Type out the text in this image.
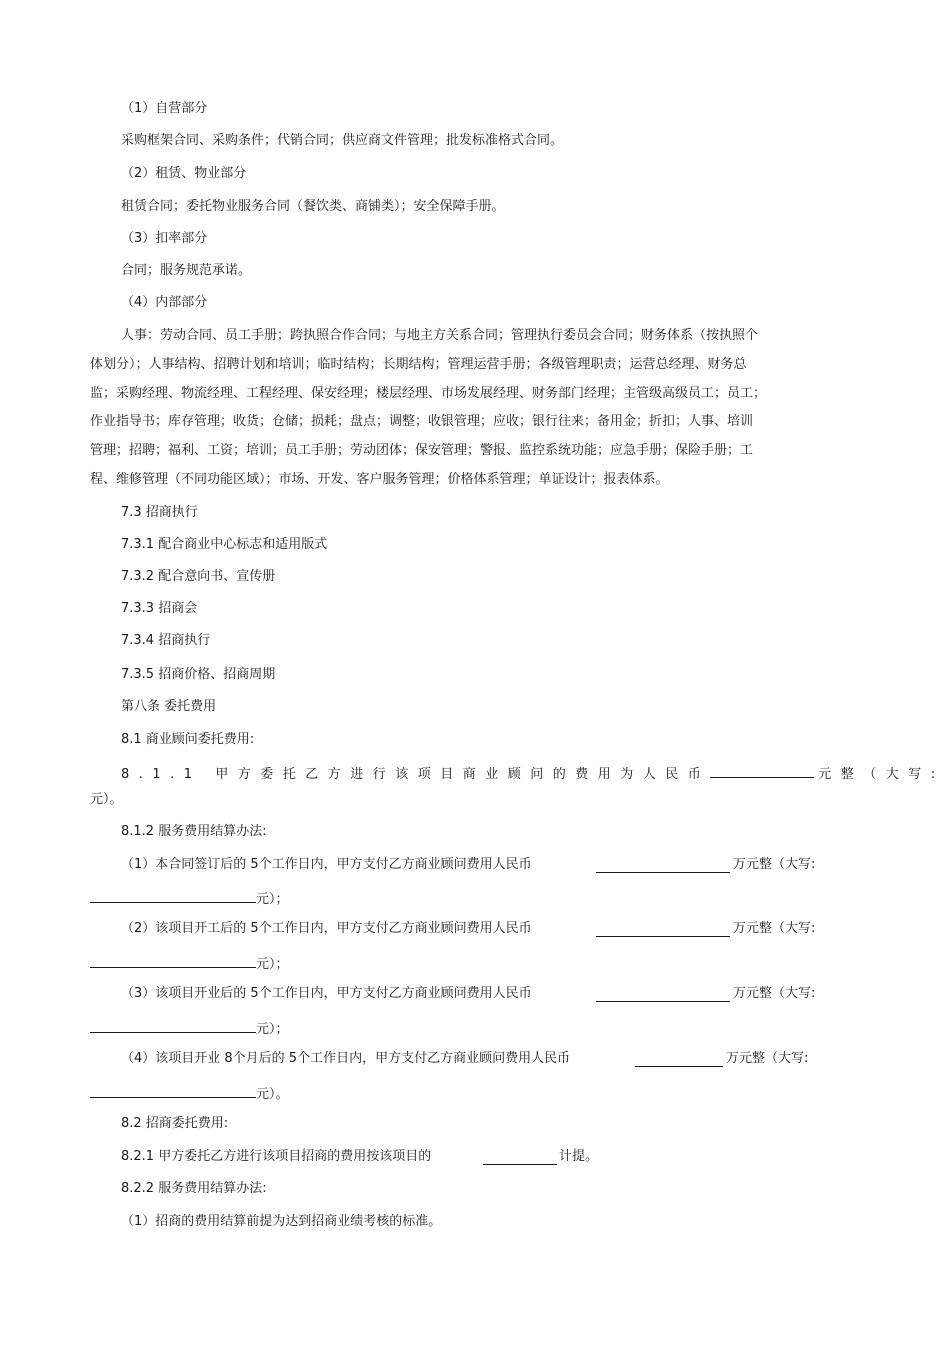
（1）自营部分
采购框架合同、采购条件；代销合同；供应商文件管理；批发标准格式合同。
（2）租赁、物业部分
租赁合同；委托物业服务合同（餐饮类、商铺类）；安全保障手册。
（3）扣率部分
合同；服务规范承诺。
（4）内部部分
人事：劳动合同、员工手册；跨执照合作合同；与地主方关系合同；管理执行委员会合同；财务体系（按执照个
体划分）；人事结构、招聘计划和培训；临时结构；长期结构；管理运营手册；各级管理职责；运营总经理、财务总
监；采购经理、物流经理、工程经理、保安经理；楼层经理、市场发展经理、财务部门经理；主管级高级员工；员工；
作业指导书；库存管理；收货；仓储；损耗；盘点；调整；收银管理；应收；银行往来；备用金；折扣；人事、培训
管理；招聘；福利、工资；培训；员工手册；劳动团体；保安管理；警报、监控系统功能；应急手册；保险手册；工
程、维修管理（不同功能区域）；市场、开发、客户服务管理；价格体系管理；单证设计；报表体系。
7.3 招商执行
7.3.1 配合商业中心标志和适用版式
7.3.2 配合意向书、宣传册
7.3.3 招商会
7.3.4 招商执行
7.3.5 招商价格、招商周期
第八条 委托费用
8.1 商业顾问委托费用:
8.1.1 甲方委托乙方进行该项目商业顾问的费用为人民币	元整（大写:
元）。
8.1.2 服务费用结算办法:
（1）本合同签订后的 5个工作日内，甲方支付乙方商业顾问费用人民币	万元整（大写:
元）；
（2）该项目开工后的 5个工作日内，甲方支付乙方商业顾问费用人民币	万元整（大写:
元）；
（3）该项目开业后的 5个工作日内，甲方支付乙方商业顾问费用人民币	万元整（大写:
元）；
（4）该项目开业 8个月后的 5个工作日内，甲方支付乙方商业顾问费用人民币	万元整（大写:
元）。
8.2 招商委托费用:
8.2.1 甲方委托乙方进行该项目招商的费用按该项目的	计提。
8.2.2 服务费用结算办法:
（1）招商的费用结算前提为达到招商业绩考核的标准。
